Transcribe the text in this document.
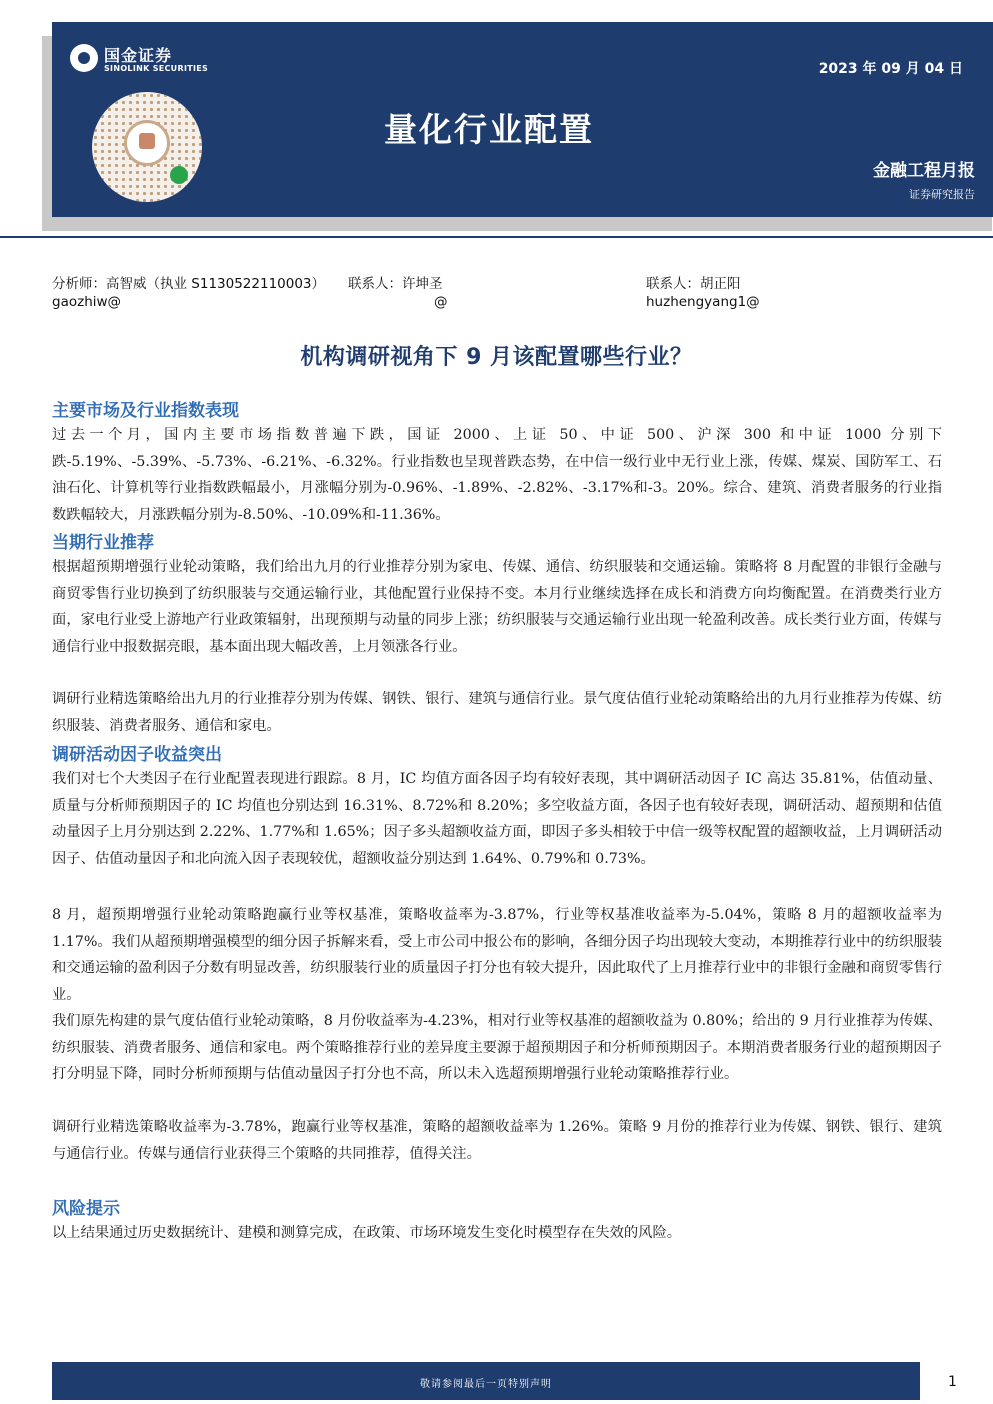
国金证券
SINOLINK SECURITIES	2023 年 09 月 04 日
量化行业配置
金融工程月报
证券研究报告
分析师：高智威（执业 S1130522110003） 联系人：许坤圣	联系人：胡正阳
gaozhiw@	@	huzhengyang1@
机构调研视角下 9 月该配置哪些行业？
主要市场及行业指数表现
过去一个月，国内主要市场指数普遍下跌，国证 2000、上证 50、中证 500、沪深 300 和中证 1000 分别下跌-5.19%、-5.39%、-5.73%、-6.21%、-6.32%。行业指数也呈现普跌态势，在中信一级行业中无行业上涨，传媒、煤炭、国防军工、石油石化、计算机等行业指数跌幅最小，月涨幅分别为-0.96%、-1.89%、-2.82%、-3.17%和-3。20%。综合、建筑、消费者服务的行业指数跌幅较大，月涨跌幅分别为-8.50%、-10.09%和-11.36%。
当期行业推荐
根据超预期增强行业轮动策略，我们给出九月的行业推荐分别为家电、传媒、通信、纺织服装和交通运输。策略将 8 月配置的非银行金融与商贸零售行业切换到了纺织服装与交通运输行业，其他配置行业保持不变。本月行业继续选择在成长和消费方向均衡配置。在消费类行业方面，家电行业受上游地产行业政策辐射，出现预期与动量的同步上涨；纺织服装与交通运输行业出现一轮盈利改善。成长类行业方面，传媒与通信行业中报数据亮眼，基本面出现大幅改善，上月领涨各行业。
调研行业精选策略给出九月的行业推荐分别为传媒、钢铁、银行、建筑与通信行业。景气度估值行业轮动策略给出的九月行业推荐为传媒、纺织服装、消费者服务、通信和家电。
调研活动因子收益突出
我们对七个大类因子在行业配置表现进行跟踪。8 月，IC 均值方面各因子均有较好表现，其中调研活动因子 IC 高达 35.81%，估值动量、质量与分析师预期因子的 IC 均值也分别达到 16.31%、8.72%和 8.20%；多空收益方面，各因子也有较好表现，调研活动、超预期和估值动量因子上月分别达到 2.22%、1.77%和 1.65%；因子多头超额收益方面，即因子多头相较于中信一级等权配置的超额收益，上月调研活动因子、估值动量因子和北向流入因子表现较优，超额收益分别达到 1.64%、0.79%和 0.73%。
8 月，超预期增强行业轮动策略跑赢行业等权基准，策略收益率为-3.87%，行业等权基准收益率为-5.04%，策略 8 月的超额收益率为 1.17%。我们从超预期增强模型的细分因子拆解来看，受上市公司中报公布的影响，各细分因子均出现较大变动，本期推荐行业中的纺织服装和交通运输的盈利因子分数有明显改善，纺织服装行业的质量因子打分也有较大提升，因此取代了上月推荐行业中的非银行金融和商贸零售行业。
我们原先构建的景气度估值行业轮动策略，8 月份收益率为-4.23%，相对行业等权基准的超额收益为 0.80%；给出的 9 月行业推荐为传媒、纺织服装、消费者服务、通信和家电。两个策略推荐行业的差异度主要源于超预期因子和分析师预期因子。本期消费者服务行业的超预期因子打分明显下降，同时分析师预期与估值动量因子打分也不高，所以未入选超预期增强行业轮动策略推荐行业。
调研行业精选策略收益率为-3.78%，跑赢行业等权基准，策略的超额收益率为 1.26%。策略 9 月份的推荐行业为传媒、钢铁、银行、建筑与通信行业。传媒与通信行业获得三个策略的共同推荐，值得关注。
风险提示
以上结果通过历史数据统计、建模和测算完成，在政策、市场环境发生变化时模型存在失效的风险。
敬请参阅最后一页特别声明	1
